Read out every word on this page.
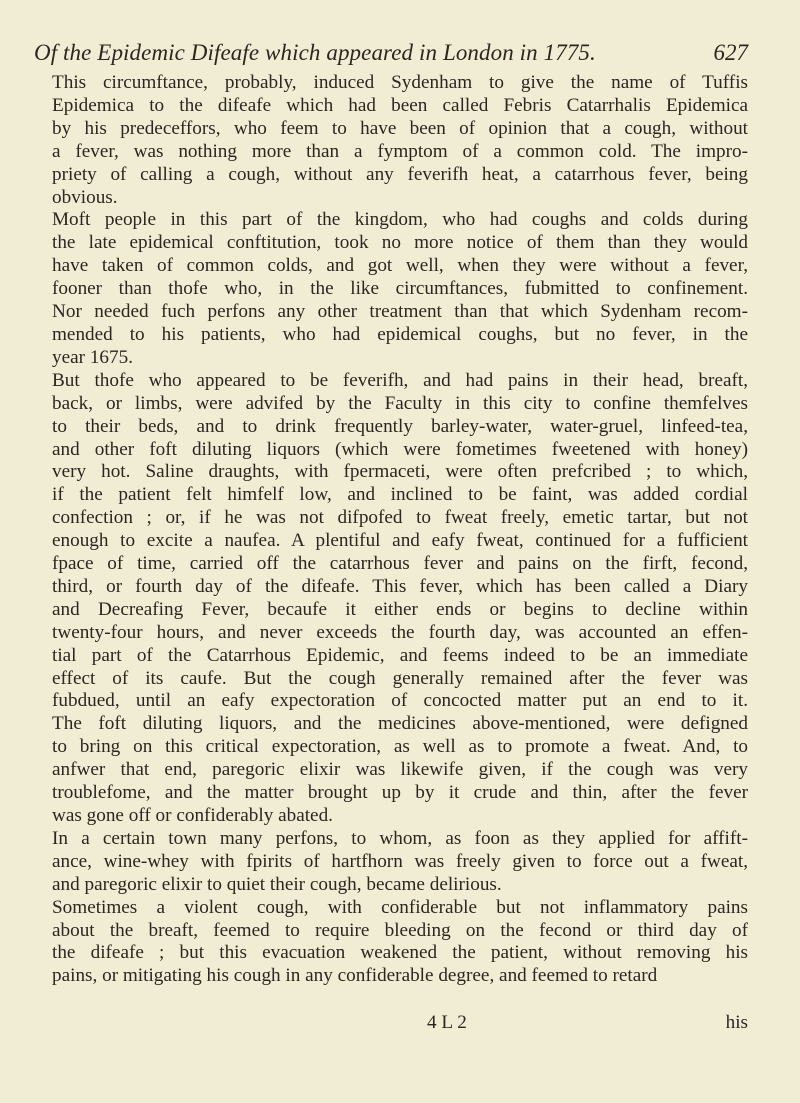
Of the Epidemic Difeafe which appeared in London in 1775.	627
This circumftance, probably, induced Sydenham to give the name of Tuffis
Epidemica to the difeafe which had been called Febris Catarrhalis Epidemica
by his predeceffors, who feem to have been of opinion that a cough, without
a fever, was nothing more than a fymptom of a common cold. The impro-
priety of calling a cough, without any feverifh heat, a catarrhous fever, being
obvious.
Moft people in this part of the kingdom, who had coughs and colds during
the late epidemical conftitution, took no more notice of them than they would
have taken of common colds, and got well, when they were without a fever,
fooner than thofe who, in the like circumftances, fubmitted to confinement.
Nor needed fuch perfons any other treatment than that which Sydenham recom-
mended to his patients, who had epidemical coughs, but no fever, in the
year 1675.
But thofe who appeared to be feverifh, and had pains in their head, breaft,
back, or limbs, were advifed by the Faculty in this city to confine themfelves
to their beds, and to drink frequently barley-water, water-gruel, linfeed-tea,
and other foft diluting liquors (which were fometimes fweetened with honey)
very hot. Saline draughts, with fpermaceti, were often prefcribed ; to which,
if the patient felt himfelf low, and inclined to be faint, was added cordial
confection ; or, if he was not difpofed to fweat freely, emetic tartar, but not
enough to excite a naufea. A plentiful and eafy fweat, continued for a fufficient
fpace of time, carried off the catarrhous fever and pains on the firft, fecond,
third, or fourth day of the difeafe. This fever, which has been called a Diary
and Decreafing Fever, becaufe it either ends or begins to decline within
twenty-four hours, and never exceeds the fourth day, was accounted an effen-
tial part of the Catarrhous Epidemic, and feems indeed to be an immediate
effect of its caufe. But the cough generally remained after the fever was
fubdued, until an eafy expectoration of concocted matter put an end to it.
The foft diluting liquors, and the medicines above-mentioned, were defigned
to bring on this critical expectoration, as well as to promote a fweat. And, to
anfwer that end, paregoric elixir was likewife given, if the cough was very
troublefome, and the matter brought up by it crude and thin, after the fever
was gone off or confiderably abated.
In a certain town many perfons, to whom, as foon as they applied for affift-
ance, wine-whey with fpirits of hartfhorn was freely given to force out a fweat,
and paregoric elixir to quiet their cough, became delirious.
Sometimes a violent cough, with confiderable but not inflammatory pains
about the breaft, feemed to require bleeding on the fecond or third day of
the difeafe ; but this evacuation weakened the patient, without removing his
pains, or mitigating his cough in any confiderable degree, and feemed to retard
4 L 2	his
